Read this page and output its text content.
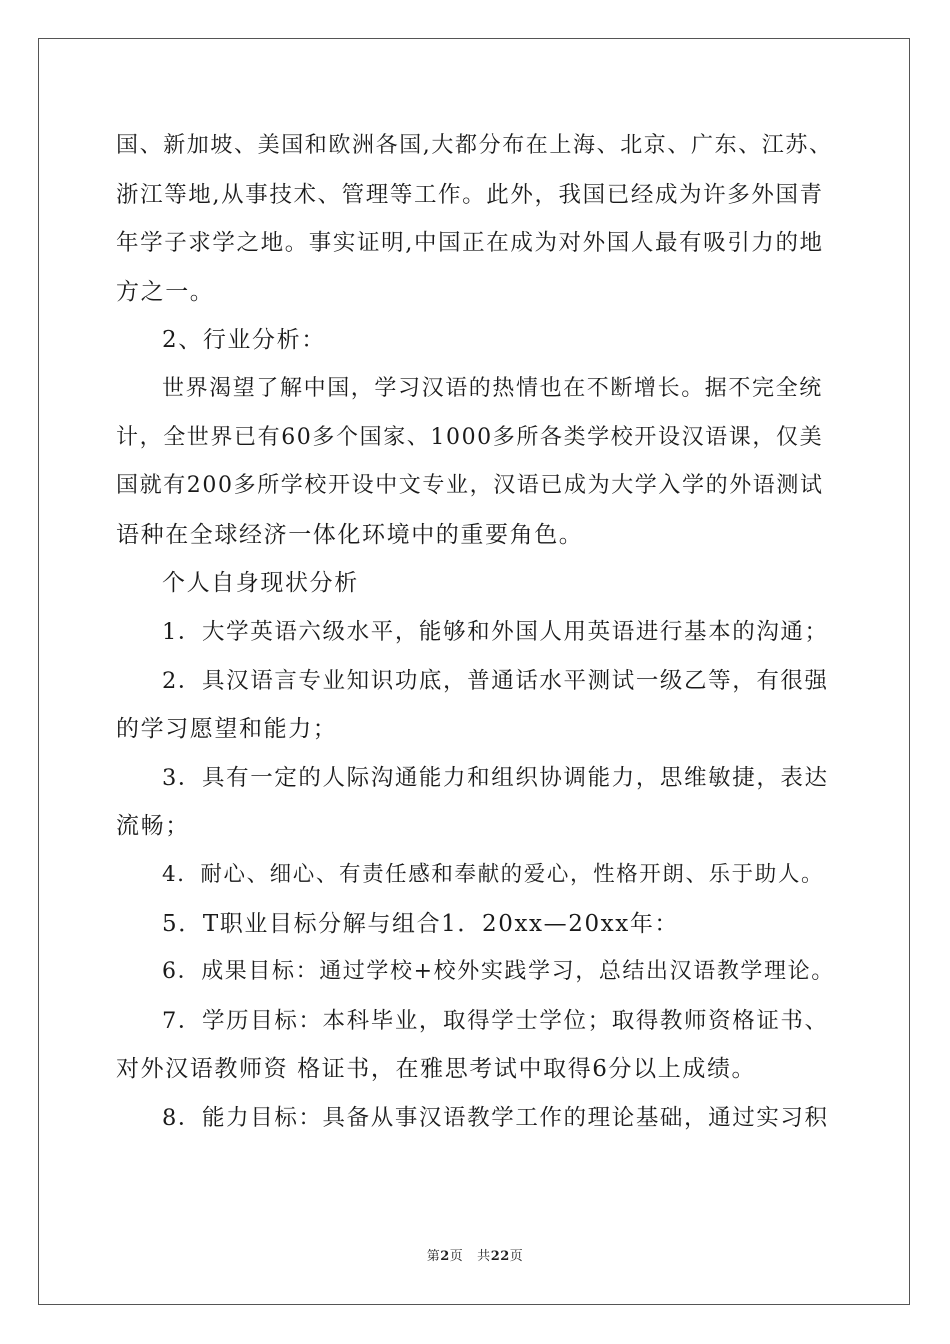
国、新加坡、美国和欧洲各国,大都分布在上海、北京、广东、江苏、
浙江等地,从事技术、管理等工作。此外，我国已经成为许多外国青
年学子求学之地。事实证明,中国正在成为对外国人最有吸引力的地
方之一。
2、行业分析：
世界渴望了解中国，学习汉语的热情也在不断增长。据不完全统
计，全世界已有60多个国家、1000多所各类学校开设汉语课，仅美
国就有200多所学校开设中文专业，汉语已成为大学入学的外语测试
语种在全球经济一体化环境中的重要角色。
个人自身现状分析
1．大学英语六级水平，能够和外国人用英语进行基本的沟通；
2．具汉语言专业知识功底，普通话水平测试一级乙等，有很强
的学习愿望和能力；
3．具有一定的人际沟通能力和组织协调能力，思维敏捷，表达
流畅；
4．耐心、细心、有责任感和奉献的爱心，性格开朗、乐于助人。
5．T职业目标分解与组合1．20xx—20xx年：
6．成果目标：通过学校+校外实践学习，总结出汉语教学理论。
7．学历目标：本科毕业，取得学士学位；取得教师资格证书、
对外汉语教师资 格证书，在雅思考试中取得6分以上成绩。
8．能力目标：具备从事汉语教学工作的理论基础，通过实习积
第2页 共22页
